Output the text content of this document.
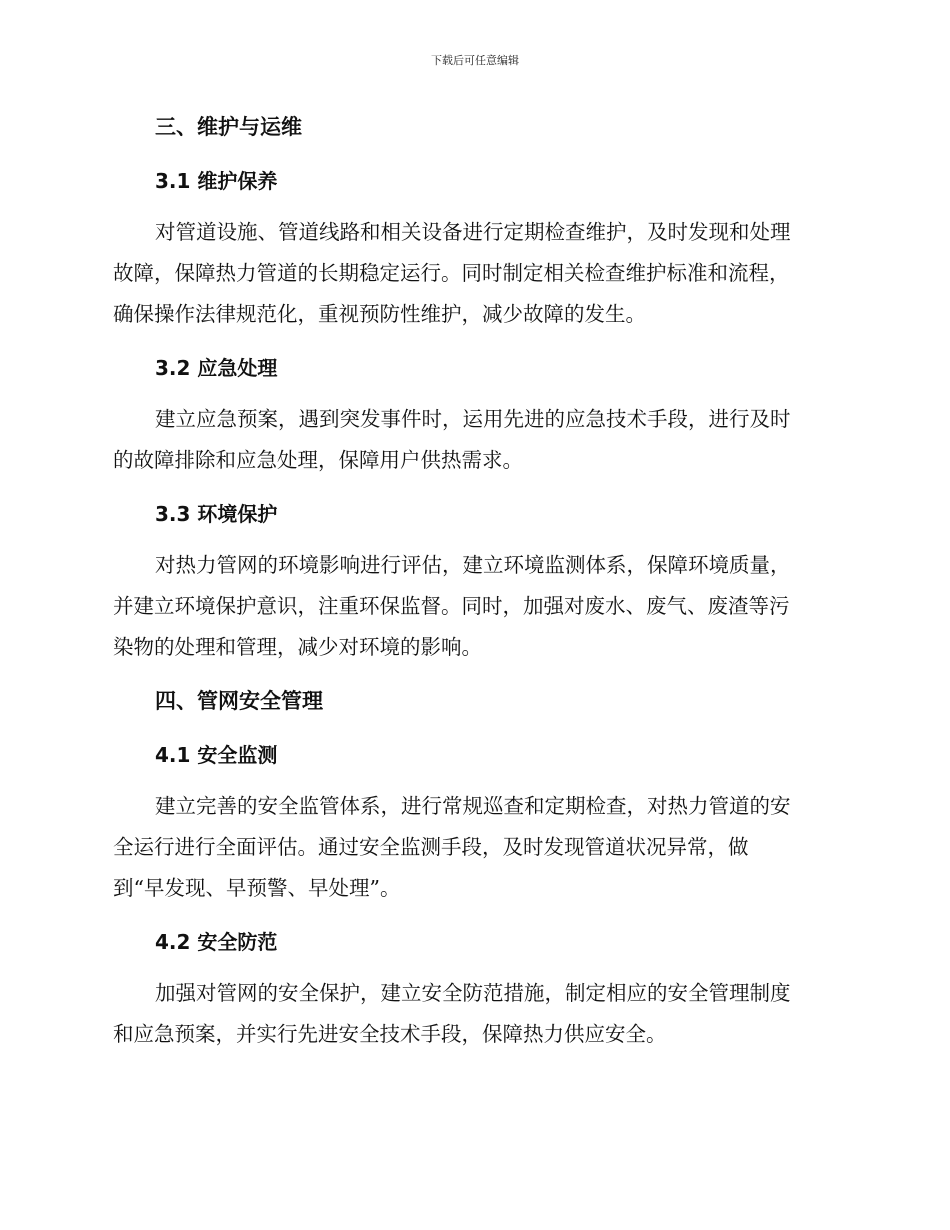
下载后可任意编辑
三、维护与运维
3.1 维护保养
对管道设施、管道线路和相关设备进行定期检查维护，及时发现和处理
故障，保障热力管道的长期稳定运行。同时制定相关检查维护标准和流程，
确保操作法律规范化，重视预防性维护，减少故障的发生。
3.2 应急处理
建立应急预案，遇到突发事件时，运用先进的应急技术手段，进行及时
的故障排除和应急处理，保障用户供热需求。
3.3 环境保护
对热力管网的环境影响进行评估，建立环境监测体系，保障环境质量，
并建立环境保护意识，注重环保监督。同时，加强对废水、废气、废渣等污
染物的处理和管理，减少对环境的影响。
四、管网安全管理
4.1 安全监测
建立完善的安全监管体系，进行常规巡查和定期检查，对热力管道的安
全运行进行全面评估。通过安全监测手段，及时发现管道状况异常，做
到“早发现、早预警、早处理”。
4.2 安全防范
加强对管网的安全保护，建立安全防范措施，制定相应的安全管理制度
和应急预案，并实行先进安全技术手段，保障热力供应安全。
